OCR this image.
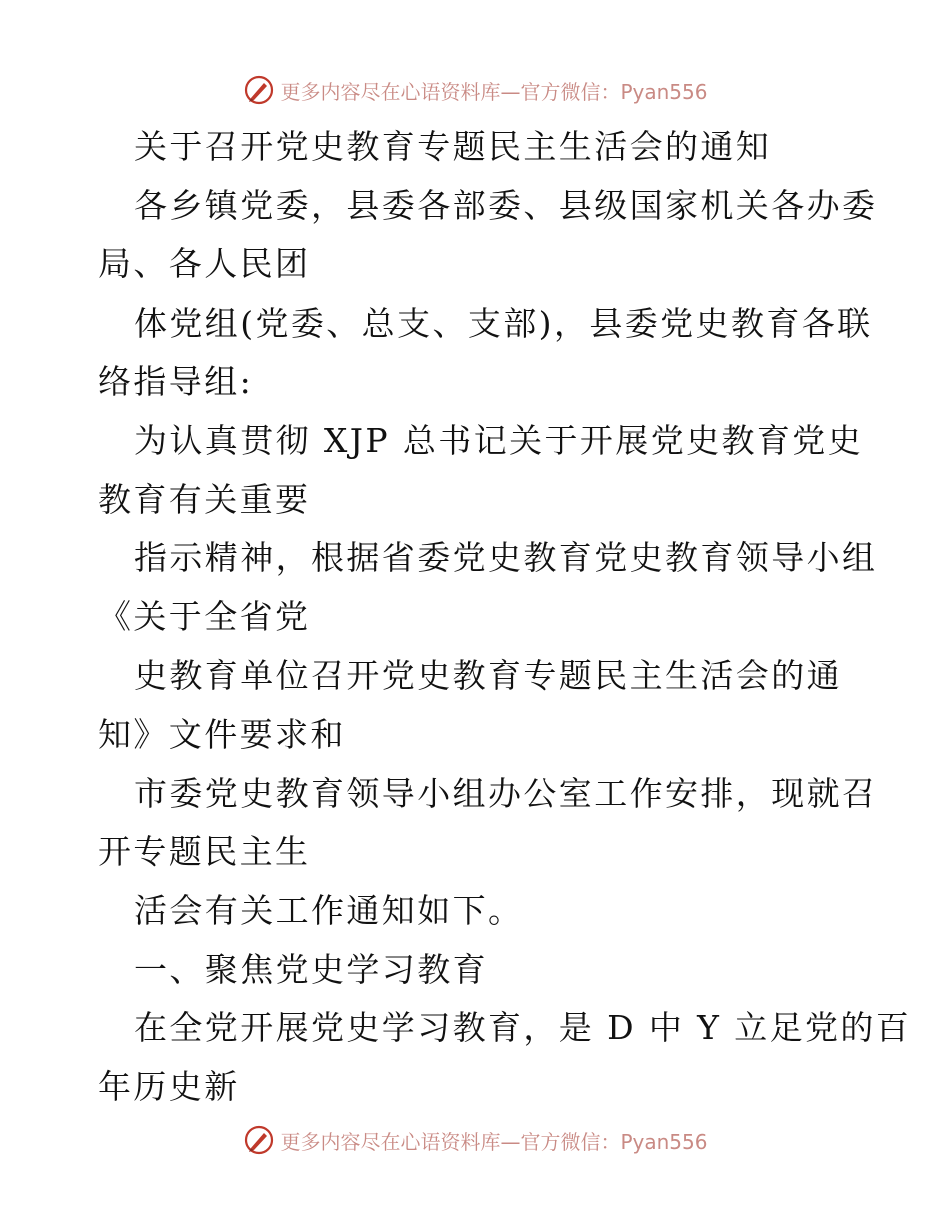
更多内容尽在心语资料库—官方微信：Pyan556
关于召开党史教育专题民主生活会的通知
各乡镇党委，县委各部委、县级国家机关各办委
局、各人民团
体党组(党委、总支、支部)，县委党史教育各联
络指导组:
为认真贯彻 XJP 总书记关于开展党史教育党史
教育有关重要
指示精神，根据省委党史教育党史教育领导小组
《关于全省党
史教育单位召开党史教育专题民主生活会的通
知》文件要求和
市委党史教育领导小组办公室工作安排，现就召
开专题民主生
活会有关工作通知如下。
一、聚焦党史学习教育
在全党开展党史学习教育，是 D 中 Y 立足党的百
年历史新
更多内容尽在心语资料库—官方微信：Pyan556
